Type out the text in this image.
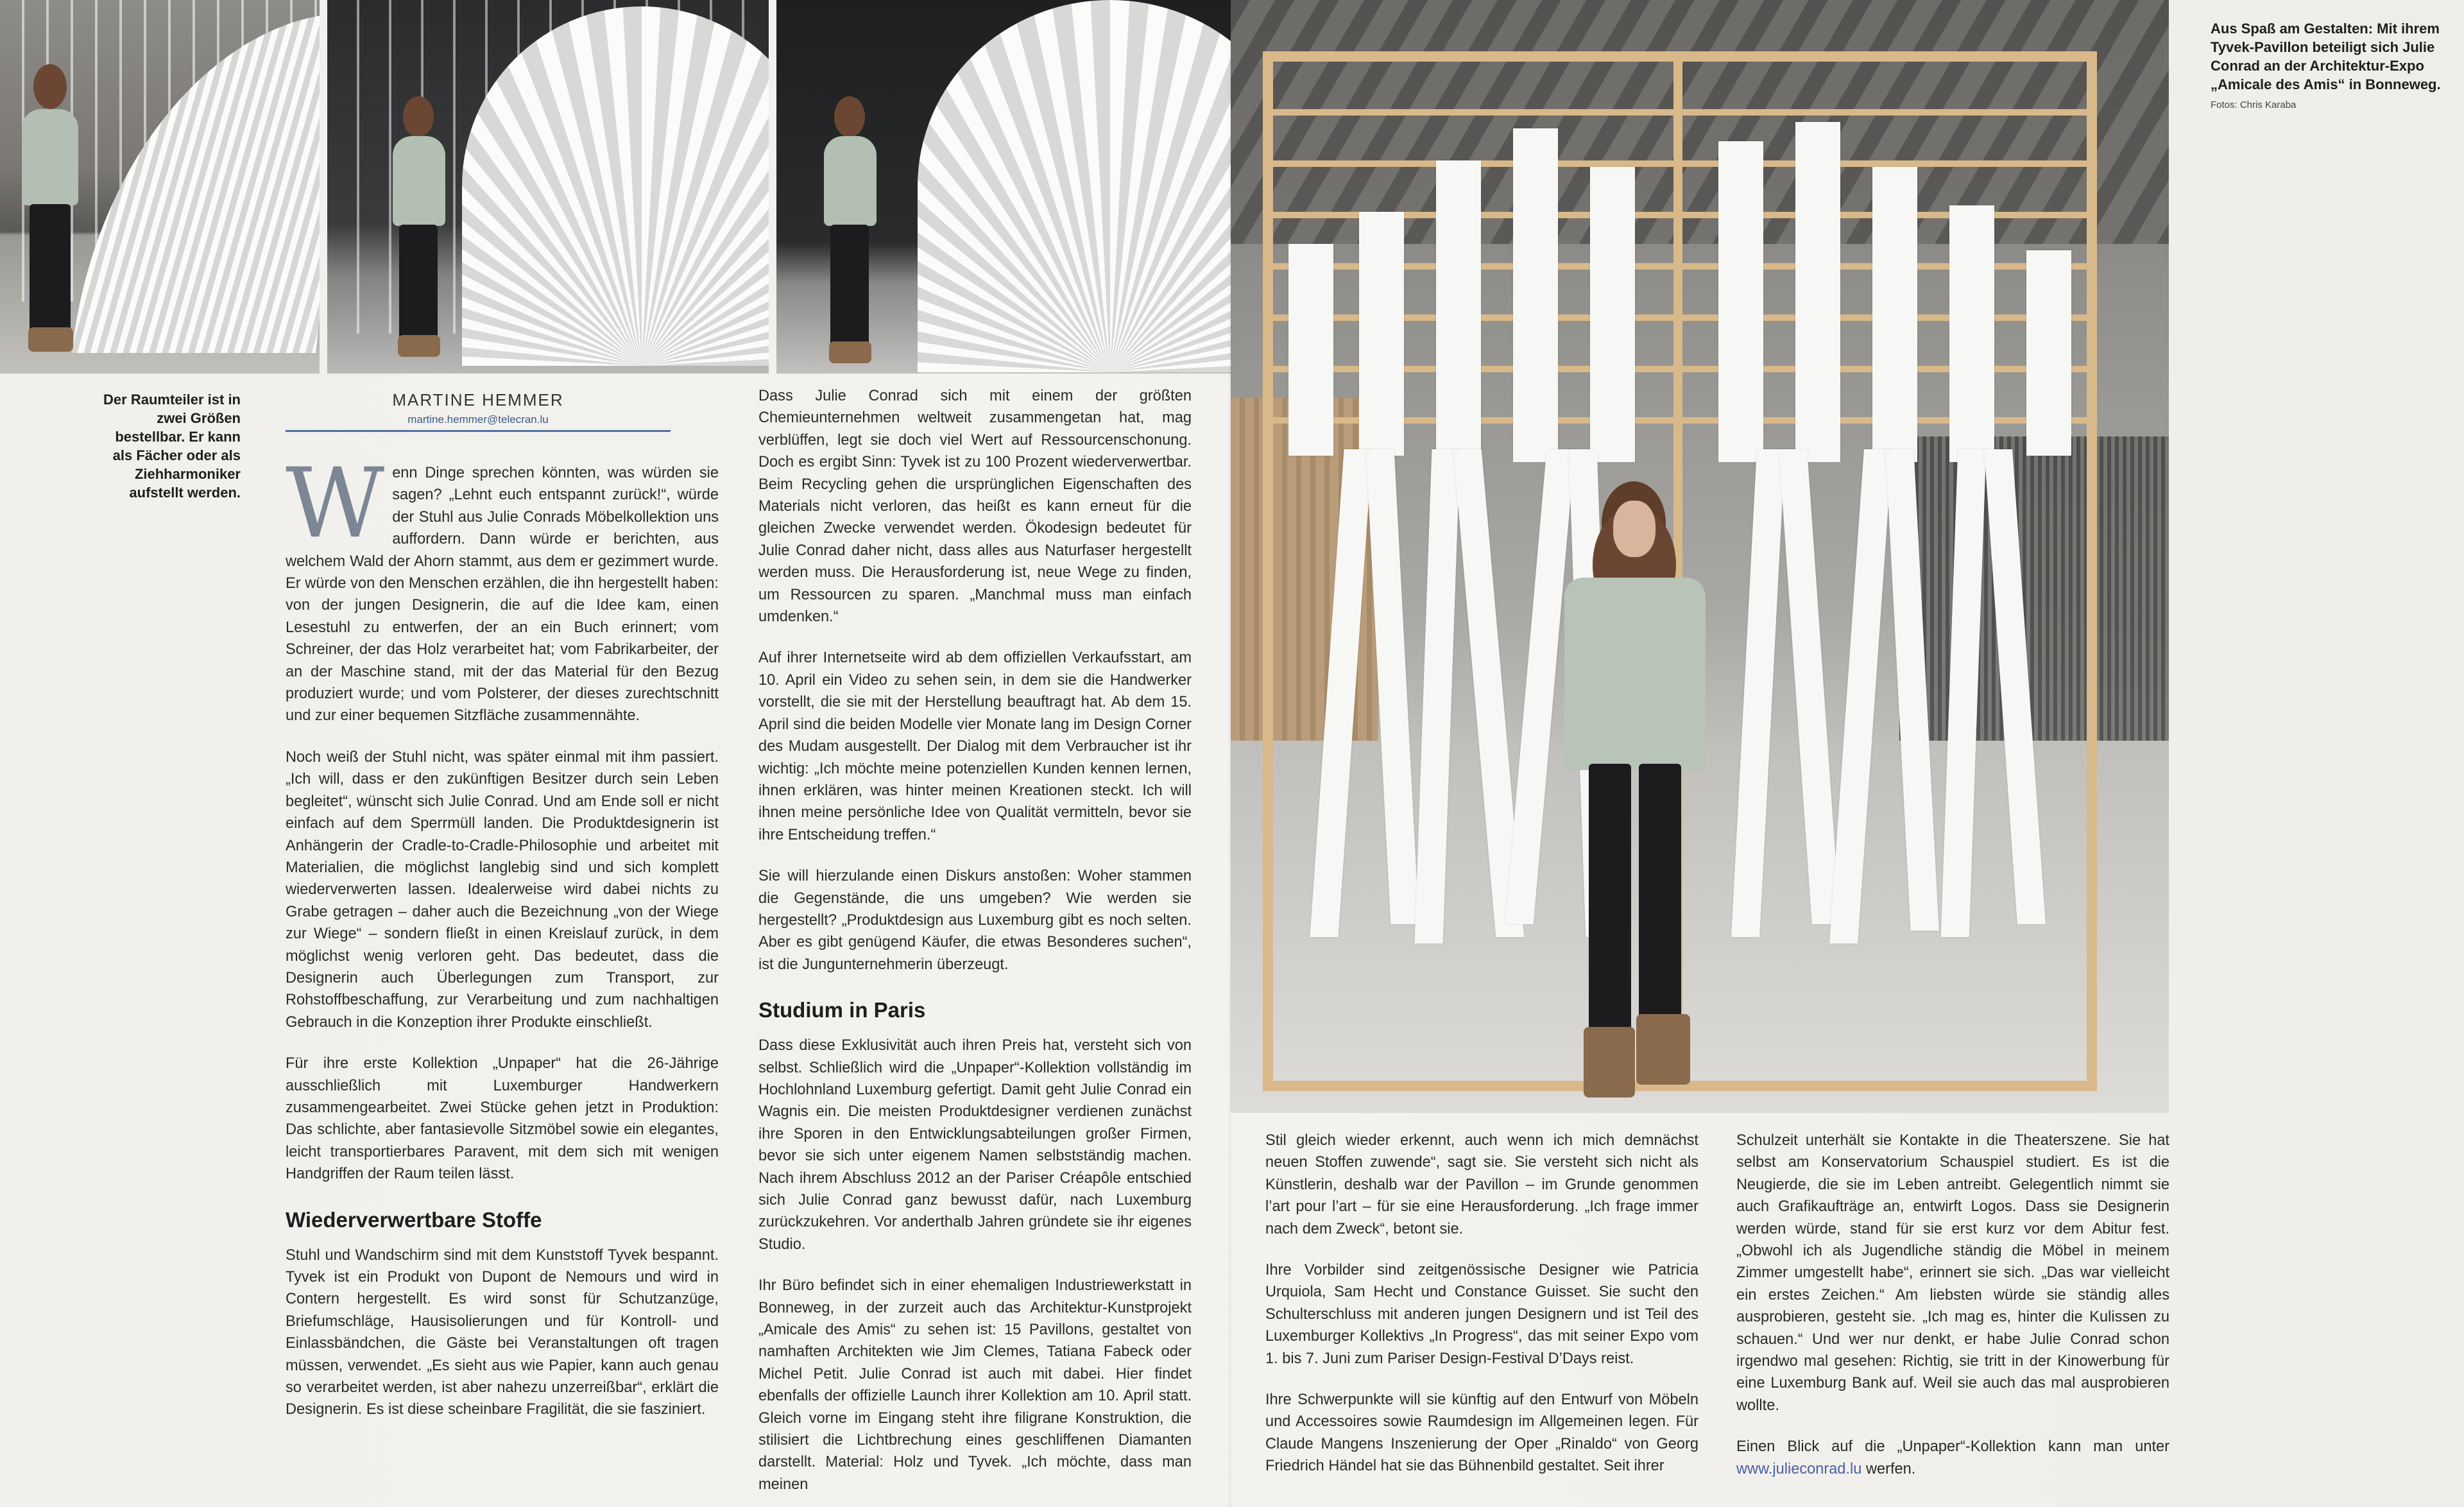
Der Raumteiler ist in zwei Größen bestellbar. Er kann als Fächer oder als Ziehharmoniker aufstellt werden.
Aus Spaß am Gestalten: Mit ihrem Tyvek-Pavillon beteiligt sich Julie Conrad an der Architektur-Expo „Amicale des Amis“ in Bonneweg.
Fotos: Chris Karaba
MARTINE HEMMER
martine.hemmer@telecran.lu

Wenn Dinge sprechen könnten, was würden sie sagen? „Lehnt euch entspannt zurück!“, würde der Stuhl aus Julie Conrads Möbelkollektion uns auffordern. Dann würde er berichten, aus welchem Wald der Ahorn stammt, aus dem er gezimmert wurde. Er würde von den Menschen erzählen, die ihn hergestellt haben: von der jungen Designerin, die auf die Idee kam, einen Lesestuhl zu entwerfen, der an ein Buch erinnert; vom Schreiner, der das Holz verarbeitet hat; vom Fabrikarbeiter, der an der Maschine stand, mit der das Material für den Bezug produziert wurde; und vom Polsterer, der dieses zurechtschnitt und zur einer bequemen Sitzfläche zusammennähte.

Noch weiß der Stuhl nicht, was später einmal mit ihm passiert. „Ich will, dass er den zukünftigen Besitzer durch sein Leben begleitet“, wünscht sich Julie Conrad. Und am Ende soll er nicht einfach auf dem Sperrmüll landen. Die Produktdesignerin ist Anhängerin der Cradle-to-Cradle-Philosophie und arbeitet mit Materialien, die möglichst langlebig sind und sich komplett wiederverwerten lassen. Idealerweise wird dabei nichts zu Grabe getragen – daher auch die Bezeichnung „von der Wiege zur Wiege“ – sondern fließt in einen Kreislauf zurück, in dem möglichst wenig verloren geht. Das bedeutet, dass die Designerin auch Überlegungen zum Transport, zur Rohstoffbeschaffung, zur Verarbeitung und zum nachhaltigen Gebrauch in die Konzeption ihrer Produkte einschließt.

Für ihre erste Kollektion „Unpaper“ hat die 26-Jährige ausschließlich mit Luxemburger Handwerkern zusammengearbeitet. Zwei Stücke gehen jetzt in Produktion: Das schlichte, aber fantasievolle Sitzmöbel sowie ein elegantes, leicht transportierbares Paravent, mit dem sich mit wenigen Handgriffen der Raum teilen lässt.

Wiederverwertbare Stoffe

Stuhl und Wandschirm sind mit dem Kunststoff Tyvek bespannt. Tyvek ist ein Produkt von Dupont de Nemours und wird in Contern hergestellt. Es wird sonst für Schutzanzüge, Briefumschläge, Hausisolierungen und für Kontroll- und Einlassbändchen, die Gäste bei Veranstaltungen oft tragen müssen, verwendet. „Es sieht aus wie Papier, kann auch genau so verarbeitet werden, ist aber nahezu unzerreißbar“, erklärt die Designerin. Es ist diese scheinbare Fragilität, die sie fasziniert.

Dass Julie Conrad sich mit einem der größten Chemieunternehmen weltweit zusammengetan hat, mag verblüffen, legt sie doch viel Wert auf Ressourcenschonung. Doch es ergibt Sinn: Tyvek ist zu 100 Prozent wiederverwertbar. Beim Recycling gehen die ursprünglichen Eigenschaften des Materials nicht verloren, das heißt es kann erneut für die gleichen Zwecke verwendet werden. Ökodesign bedeutet für Julie Conrad daher nicht, dass alles aus Naturfaser hergestellt werden muss. Die Herausforderung ist, neue Wege zu finden, um Ressourcen zu sparen. „Manchmal muss man einfach umdenken.“

Auf ihrer Internetseite wird ab dem offiziellen Verkaufsstart, am 10. April ein Video zu sehen sein, in dem sie die Handwerker vorstellt, die sie mit der Herstellung beauftragt hat. Ab dem 15. April sind die beiden Modelle vier Monate lang im Design Corner des Mudam ausgestellt. Der Dialog mit dem Verbraucher ist ihr wichtig: „Ich möchte meine potenziellen Kunden kennen lernen, ihnen erklären, was hinter meinen Kreationen steckt. Ich will ihnen meine persönliche Idee von Qualität vermitteln, bevor sie ihre Entscheidung treffen.“

Sie will hierzulande einen Diskurs anstoßen: Woher stammen die Gegenstände, die uns umgeben? Wie werden sie hergestellt? „Produktdesign aus Luxemburg gibt es noch selten. Aber es gibt genügend Käufer, die etwas Besonderes suchen“, ist die Jungunternehmerin überzeugt.

Studium in Paris

Dass diese Exklusivität auch ihren Preis hat, versteht sich von selbst. Schließlich wird die „Unpaper“-Kollektion vollständig im Hochlohnland Luxemburg gefertigt. Damit geht Julie Conrad ein Wagnis ein. Die meisten Produktdesigner verdienen zunächst ihre Sporen in den Entwicklungsabteilungen großer Firmen, bevor sie sich unter eigenem Namen selbstständig machen. Nach ihrem Abschluss 2012 an der Pariser Créapôle entschied sich Julie Conrad ganz bewusst dafür, nach Luxemburg zurückzukehren. Vor anderthalb Jahren gründete sie ihr eigenes Studio.

Ihr Büro befindet sich in einer ehemaligen Industriewerkstatt in Bonneweg, in der zurzeit auch das Architektur-Kunstprojekt „Amicale des Amis“ zu sehen ist: 15 Pavillons, gestaltet von namhaften Architekten wie Jim Clemes, Tatiana Fabeck oder Michel Petit. Julie Conrad ist auch mit dabei. Hier findet ebenfalls der offizielle Launch ihrer Kollektion am 10. April statt. Gleich vorne im Eingang steht ihre filigrane Konstruktion, die stilisiert die Lichtbrechung eines geschliffenen Diamanten darstellt. Material: Holz und Tyvek. „Ich möchte, dass man meinen

Stil gleich wieder erkennt, auch wenn ich mich demnächst neuen Stoffen zuwende“, sagt sie. Sie versteht sich nicht als Künstlerin, deshalb war der Pavillon – im Grunde genommen l’art pour l’art – für sie eine Herausforderung. „Ich frage immer nach dem Zweck“, betont sie.

Ihre Vorbilder sind zeitgenössische Designer wie Patricia Urquiola, Sam Hecht und Constance Guisset. Sie sucht den Schulterschluss mit anderen jungen Designern und ist Teil des Luxemburger Kollektivs „In Progress“, das mit seiner Expo vom 1. bis 7. Juni zum Pariser Design-Festival D’Days reist.

Ihre Schwerpunkte will sie künftig auf den Entwurf von Möbeln und Accessoires sowie Raumdesign im Allgemeinen legen. Für Claude Mangens Inszenierung der Oper „Rinaldo“ von Georg Friedrich Händel hat sie das Bühnenbild gestaltet. Seit ihrer

Schulzeit unterhält sie Kontakte in die Theaterszene. Sie hat selbst am Konservatorium Schauspiel studiert. Es ist die Neugierde, die sie im Leben antreibt. Gelegentlich nimmt sie auch Grafikaufträge an, entwirft Logos. Dass sie Designerin werden würde, stand für sie erst kurz vor dem Abitur fest. „Obwohl ich als Jugendliche ständig die Möbel in meinem Zimmer umgestellt habe“, erinnert sie sich. „Das war vielleicht ein erstes Zeichen.“ Am liebsten würde sie ständig alles ausprobieren, gesteht sie. „Ich mag es, hinter die Kulissen zu schauen.“ Und wer nur denkt, er habe Julie Conrad schon irgendwo mal gesehen: Richtig, sie tritt in der Kinowerbung für eine Luxemburg Bank auf. Weil sie auch das mal ausprobieren wollte.

Einen Blick auf die „Unpaper“-Kollektion kann man unter www.julieconrad.lu werfen.
